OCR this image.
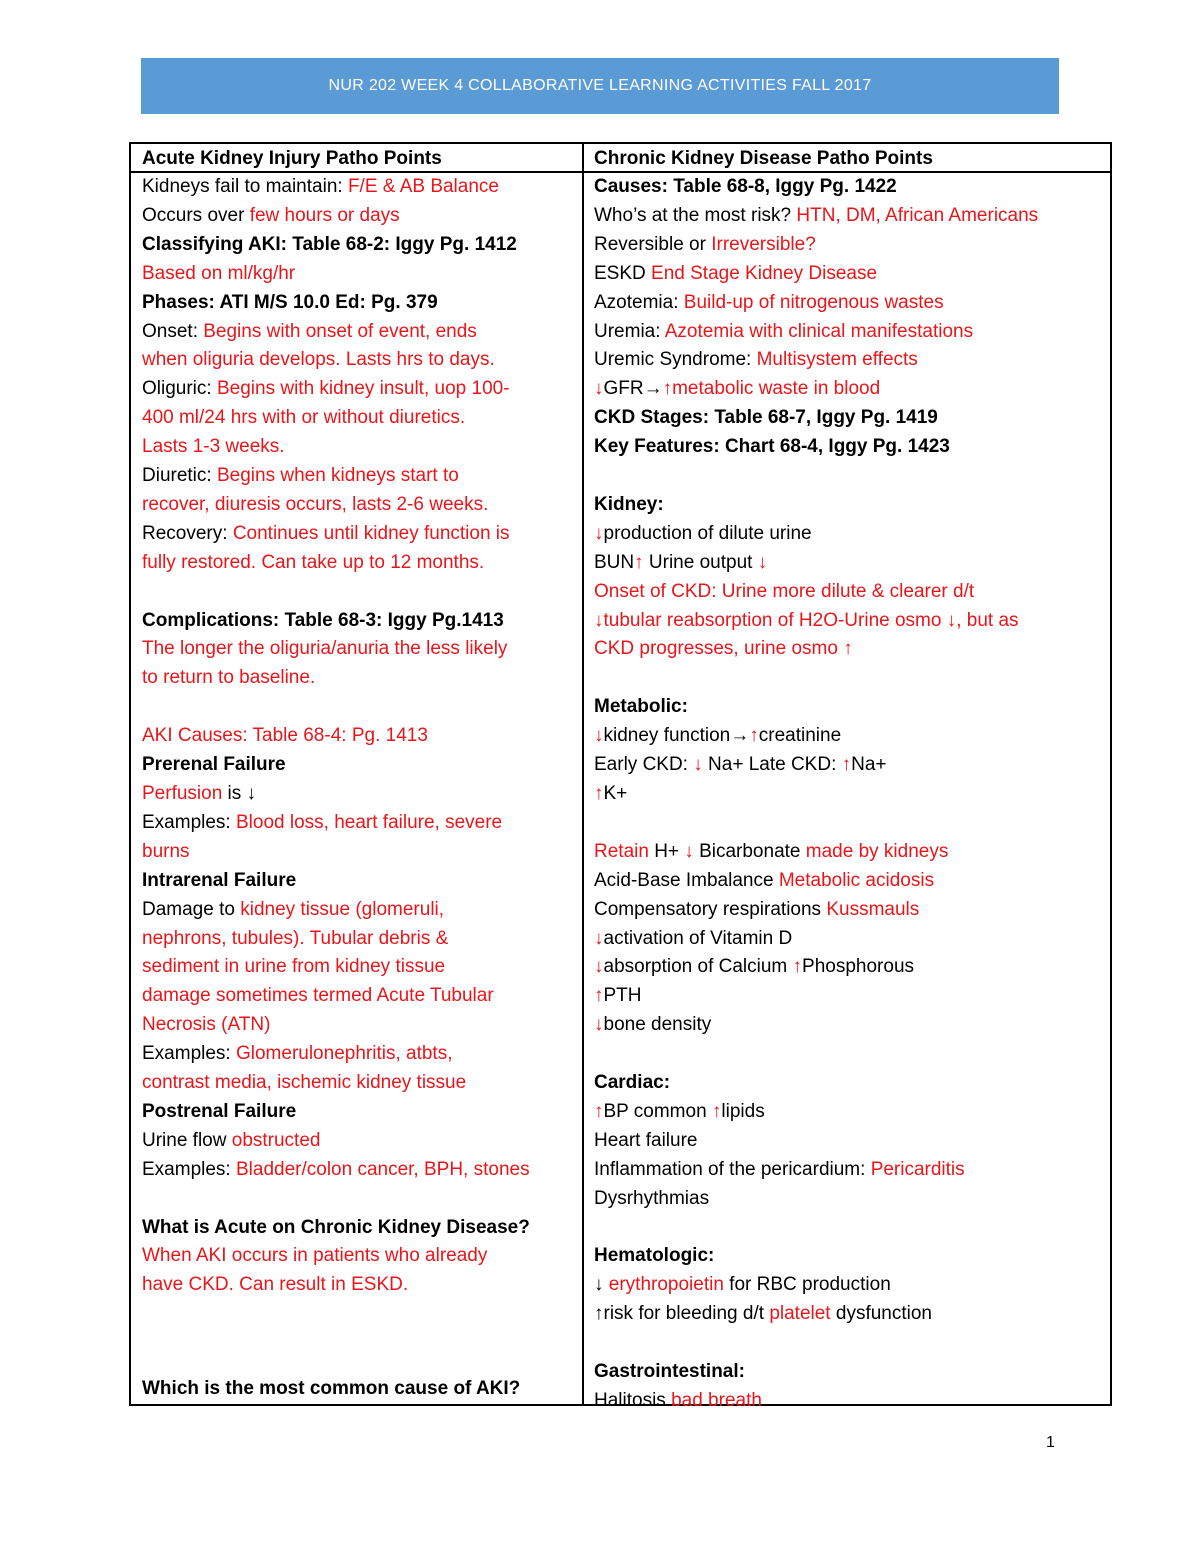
NUR 202 WEEK 4 COLLABORATIVE LEARNING ACTIVITIES FALL 2017
Acute Kidney Injury Patho Points
Kidneys fail to maintain: F/E & AB Balance
Occurs over few hours or days
Classifying AKI: Table 68-2: Iggy Pg. 1412
Based on ml/kg/hr
Phases: ATI M/S 10.0 Ed: Pg. 379
Onset: Begins with onset of event, ends
when oliguria develops. Lasts hrs to days.
Oliguric: Begins with kidney insult, uop 100-
400 ml/24 hrs with or without diuretics.
Lasts 1-3 weeks.
Diuretic: Begins when kidneys start to
recover, diuresis occurs, lasts 2-6 weeks.
Recovery: Continues until kidney function is
fully restored. Can take up to 12 months.
Complications: Table 68-3: Iggy Pg.1413
The longer the oliguria/anuria the less likely
to return to baseline.
AKI Causes: Table 68-4: Pg. 1413
Prerenal Failure
Perfusion is ↓
Examples: Blood loss, heart failure, severe
burns
Intrarenal Failure
Damage to kidney tissue (glomeruli,
nephrons, tubules). Tubular debris &
sediment in urine from kidney tissue
damage sometimes termed Acute Tubular
Necrosis (ATN)
Examples: Glomerulonephritis, atbts,
contrast media, ischemic kidney tissue
Postrenal Failure
Urine flow obstructed
Examples: Bladder/colon cancer, BPH, stones
What is Acute on Chronic Kidney Disease?
When AKI occurs in patients who already
have CKD. Can result in ESKD.
Which is the most common cause of AKI?
Chronic Kidney Disease Patho Points
Causes: Table 68-8, Iggy Pg. 1422
Who’s at the most risk? HTN, DM, African Americans
Reversible or Irreversible?
ESKD End Stage Kidney Disease
Azotemia: Build-up of nitrogenous wastes
Uremia: Azotemia with clinical manifestations
Uremic Syndrome: Multisystem effects
↓GFR→↑metabolic waste in blood
CKD Stages: Table 68-7, Iggy Pg. 1419
Key Features: Chart 68-4, Iggy Pg. 1423
Kidney:
↓production of dilute urine
BUN↑ Urine output ↓
Onset of CKD: Urine more dilute & clearer d/t
↓tubular reabsorption of H2O-Urine osmo ↓, but as
CKD progresses, urine osmo ↑
Metabolic:
↓kidney function→↑creatinine
Early CKD: ↓ Na+ Late CKD: ↑Na+
↑K+
Retain H+ ↓ Bicarbonate made by kidneys
Acid-Base Imbalance Metabolic acidosis
Compensatory respirations Kussmauls
↓activation of Vitamin D
↓absorption of Calcium ↑Phosphorous
↑PTH
↓bone density
Cardiac:
↑BP common ↑lipids
Heart failure
Inflammation of the pericardium: Pericarditis
Dysrhythmias
Hematologic:
↓ erythropoietin for RBC production
↑risk for bleeding d/t platelet dysfunction
Gastrointestinal:
Halitosis bad breath
1
